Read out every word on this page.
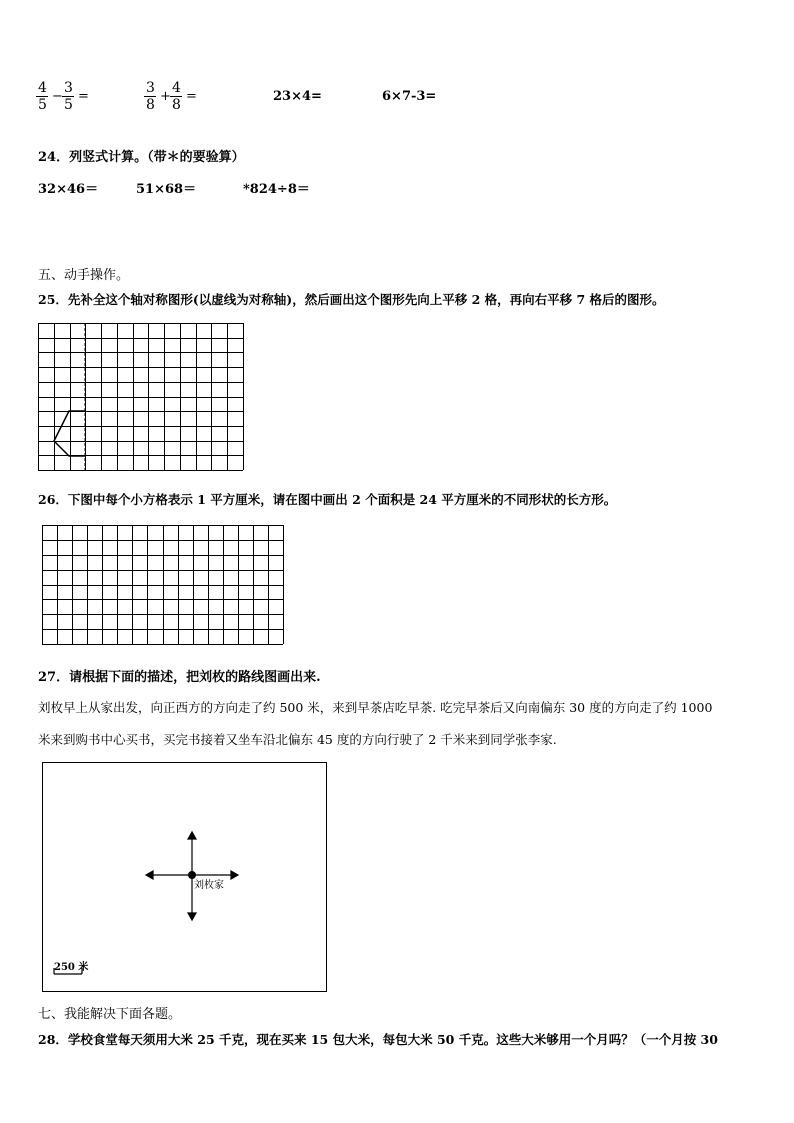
4
5
−
3
5
=
3
8
+
4
8
=	23×4=	6×7-3=
24．列竖式计算。（带＊的要验算）
32×46＝	51×68＝	*824÷8＝
五、动手操作。
25．先补全这个轴对称图形(以虚线为对称轴)，然后画出这个图形先向上平移 2 格，再向右平移 7 格后的图形。
26．下图中每个小方格表示 1 平方厘米，请在图中画出 2 个面积是 24 平方厘米的不同形状的长方形。
27．请根据下面的描述，把刘枚的路线图画出来.
刘枚早上从家出发，向正西方的方向走了约 500 米，来到早茶店吃早茶. 吃完早茶后又向南偏东 30 度的方向走了约 1000
米来到购书中心买书，买完书接着又坐车沿北偏东 45 度的方向行驶了 2 千米来到同学张李家.
刘枚家
250 米
七、我能解决下面各题。
28．学校食堂每天须用大米 25 千克，现在买来 15 包大米，每包大米 50 千克。这些大米够用一个月吗？（一个月按 30
